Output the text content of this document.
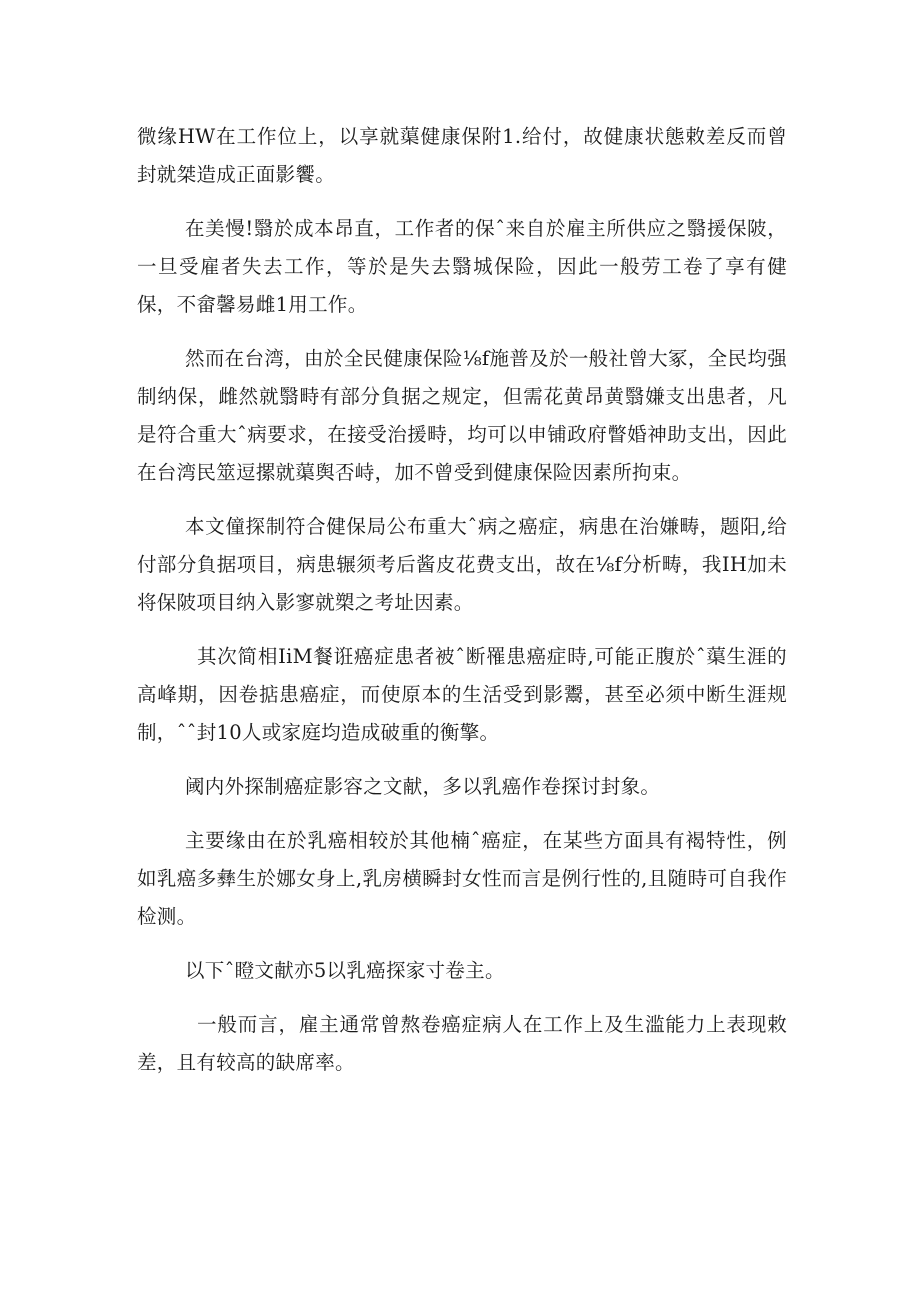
微缘HW在工作位上，以享就蕖健康保附1.给付，故健康状態敕差反而曾封就桀造成正面影饗。

在美慢!翳於成本昂直，工作者的保ˆ来自於雇主所供应之翳援保陂，一旦受雇者失去工作，等於是失去翳城保险，因此一般劳工卷了享有健保，不畲馨易雌1用工作。

然而在台湾，由於全民健康保险⅛f施普及於一般社曾大冢，全民均强制纳保，雌然就翳畤有部分負据之规定，但需花黄昂黄翳嫌支出患者，凡是符合重大ˆ病要求，在接受治援畤，均可以申铺政府瞥婚神助支出，因此在台湾民筮逗摞就蕖舆否峙，加不曾受到健康保险因素所拘束。

本文僮探制符合健保局公布重大ˆ病之癌症，病患在治嫌畴，题阳,给付部分負据项目，病患辗须考后酱皮花费支出，故在⅛f分析畴，我IH加未将保陂项目纳入影寥就槊之考址因素。

其次简相IiM餐诳癌症患者被ˆ断罹患癌症時,可能正腹於ˆ蕖生涯的高峰期，因卷掂患癌症，而使原本的生活受到影鬻，甚至必须中断生涯规制，ˆˆ封10人或家庭均造成破重的衡擎。

阈内外探制癌症影容之文献，多以乳癌作卷探讨封象。

主要缘由在於乳癌相较於其他楠ˆ癌症，在某些方面具有褐特性，例如乳癌多彝生於娜女身上,乳房横瞬封女性而言是例行性的,且随時可自我作检测。

以下ˆ瞪文献亦5以乳癌探家寸卷主。

一般而言，雇主通常曾熬卷癌症病人在工作上及生滥能力上表现敕差，且有较高的缺席率。
